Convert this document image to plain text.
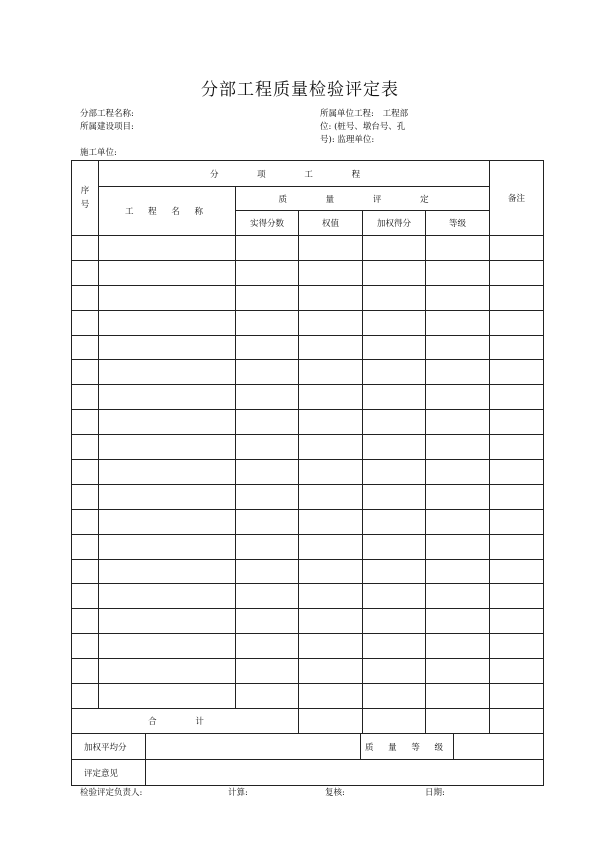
分部工程质量检验评定表
分部工程名称:
所属建设项目:
所属单位工程: 工程部
位: (桩号、墩台号、孔
号): 监理单位:
施工单位:
序
号	分 项 工 程					备注
	工 程 名 称	质 量 评 定				
		实得分数	权值	加权得分	等级	

合 计						
加权平均分		质 量 等 级	
评定意见			
检验评定负责人:	计算:	复核:	日期:
